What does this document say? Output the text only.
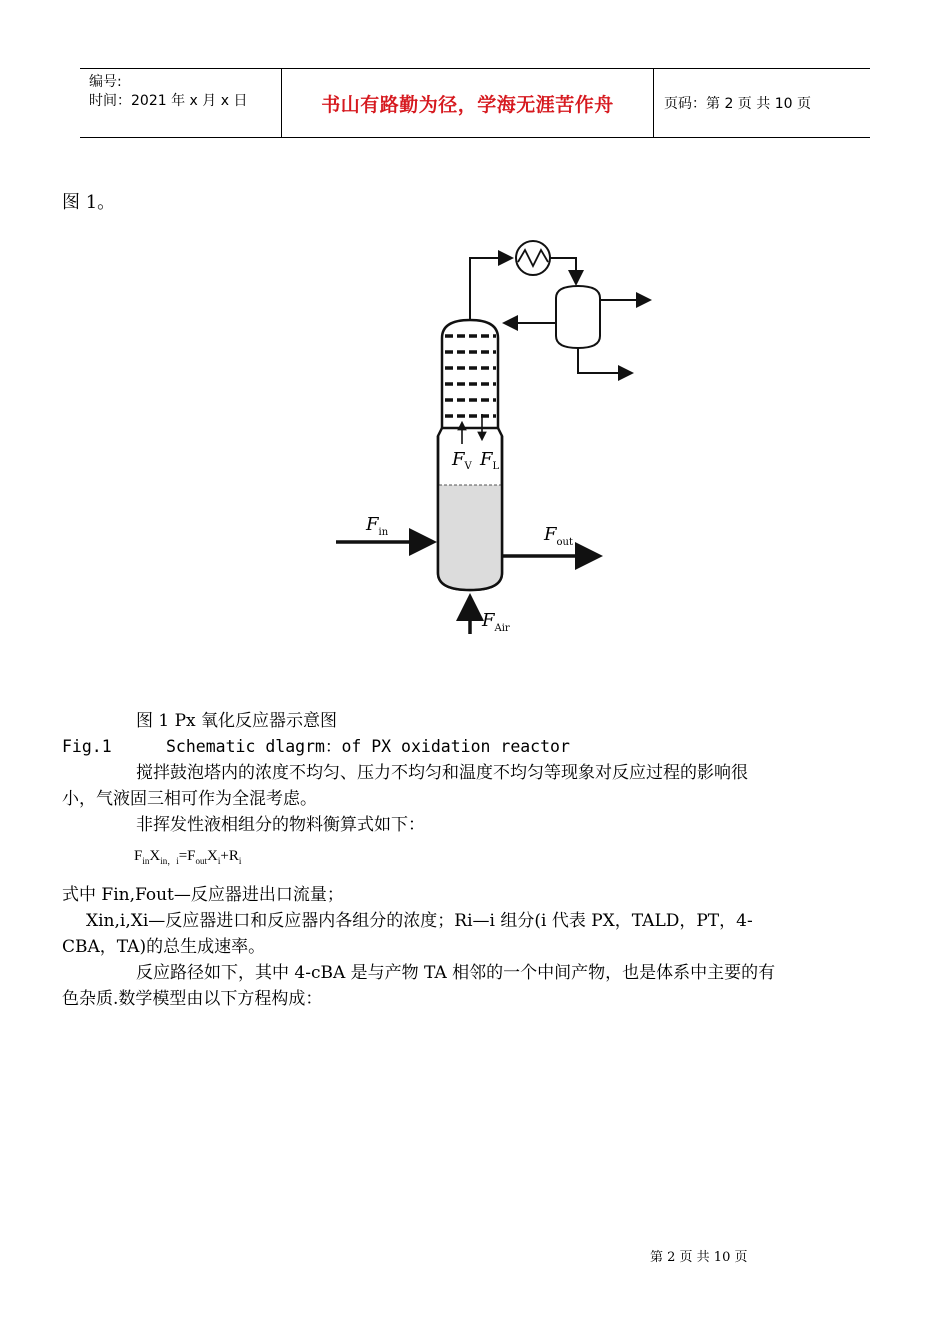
编号:
时间：2021 年 x 月 x 日	书山有路勤为径，学海无涯苦作舟	页码：第 2 页 共 10 页
图 1。
$F_V$ $F_L$
$F_{in}$	$F_{out}$
$F_{Air}$
图 1 Px 氧化反应器示意图
Fig.1	Schematic dlagrm：of PX oxidation reactor
搅拌鼓泡塔内的浓度不均匀、压力不均匀和温度不均匀等现象对反应过程的影响很
小，气液固三相可作为全混考虑。
非挥发性液相组分的物料衡算式如下：
$F_{in}X_{in,i}=F_{out}X_i+R_i$
式中 Fin,Fout—反应器进出口流量；
Xin,i,Xi—反应器进口和反应器内各组分的浓度；Ri—i 组分(i 代表 PX，TALD，PT，4-
CBA，TA)的总生成速率。
反应路径如下，其中 4-cBA 是与产物 TA 相邻的一个中间产物，也是体系中主要的有
色杂质.数学模型由以下方程构成：
第 2 页 共 10 页
